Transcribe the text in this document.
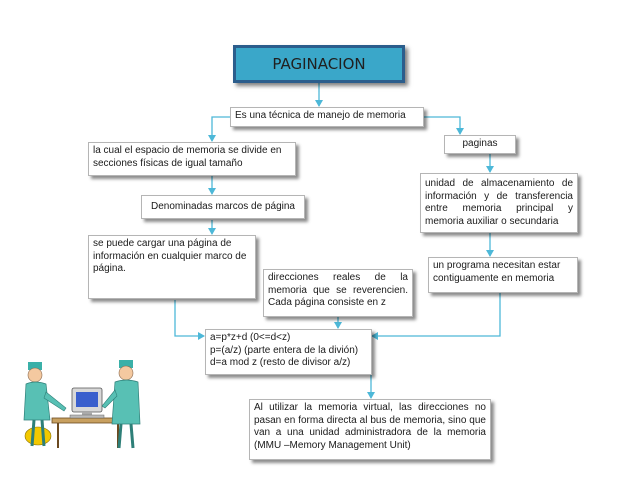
PAGINACION
Es una técnica de manejo de memoria
la cual el espacio de memoria se divide en secciones físicas de igual tamaño
Denominadas marcos de página
se puede cargar una página de información en cualquier marco de página.
direcciones reales de la memoria que se reverencien. Cada página consiste en z
paginas
unidad de almacenamiento de información y de transferencia entre memoria principal y memoria auxiliar o secundaria
un programa necesitan estar contiguamente en memoria
a=p*z+d (0<=d<z)
p=(a/z) (parte entera de la divión)
d=a mod z (resto de divisor a/z)
Al utilizar la memoria virtual, las direcciones no pasan en forma directa al bus de memoria, sino que van a una unidad administradora de la memoria (MMU –Memory Management Unit)
